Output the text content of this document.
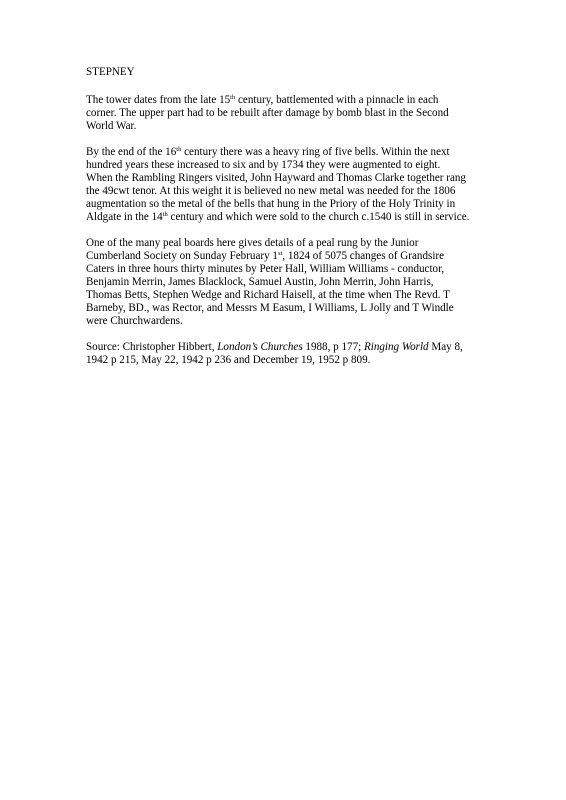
STEPNEY
The tower dates from the late 15th century, battlemented with a pinnacle in each
corner. The upper part had to be rebuilt after damage by bomb blast in the Second
World War.
By the end of the 16th century there was a heavy ring of five bells. Within the next
hundred years these increased to six and by 1734 they were augmented to eight.
When the Rambling Ringers visited, John Hayward and Thomas Clarke together rang
the 49cwt tenor. At this weight it is believed no new metal was needed for the 1806
augmentation so the metal of the bells that hung in the Priory of the Holy Trinity in
Aldgate in the 14th century and which were sold to the church c.1540 is still in service.
One of the many peal boards here gives details of a peal rung by the Junior
Cumberland Society on Sunday February 1st, 1824 of 5075 changes of Grandsire
Caters in three hours thirty minutes by Peter Hall, William Williams - conductor,
Benjamin Merrin, James Blacklock, Samuel Austin, John Merrin, John Harris,
Thomas Betts, Stephen Wedge and Richard Haisell, at the time when The Revd. T
Barneby, BD., was Rector, and Messrs M Easum, I Williams, L Jolly and T Windle
were Churchwardens.
Source: Christopher Hibbert, London’s Churches 1988, p 177; Ringing World May 8,
1942 p 215, May 22, 1942 p 236 and December 19, 1952 p 809.
